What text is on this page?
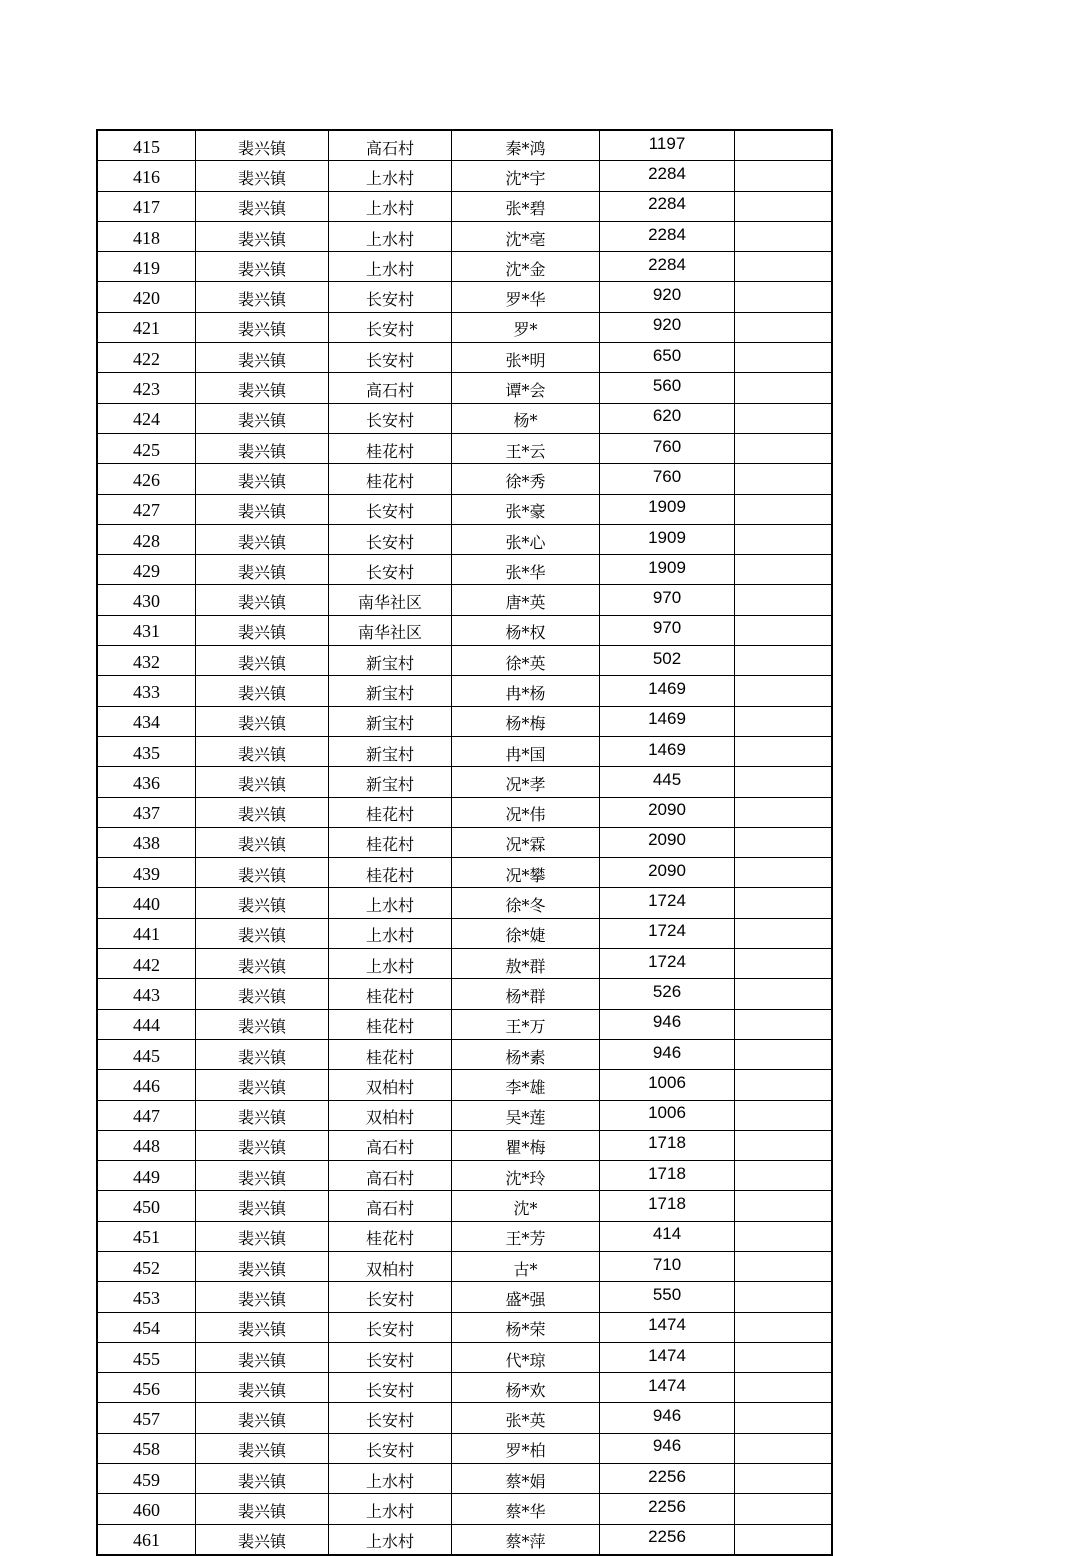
415	裴兴镇	高石村	秦*鸿	1197	
416	裴兴镇	上水村	沈*宇	2284	
417	裴兴镇	上水村	张*碧	2284	
418	裴兴镇	上水村	沈*亳	2284	
419	裴兴镇	上水村	沈*金	2284	
420	裴兴镇	长安村	罗*华	920	
421	裴兴镇	长安村	罗*	920	
422	裴兴镇	长安村	张*明	650	
423	裴兴镇	高石村	谭*会	560	
424	裴兴镇	长安村	杨*	620	
425	裴兴镇	桂花村	王*云	760	
426	裴兴镇	桂花村	徐*秀	760	
427	裴兴镇	长安村	张*豪	1909	
428	裴兴镇	长安村	张*心	1909	
429	裴兴镇	长安村	张*华	1909	
430	裴兴镇	南华社区	唐*英	970	
431	裴兴镇	南华社区	杨*权	970	
432	裴兴镇	新宝村	徐*英	502	
433	裴兴镇	新宝村	冉*杨	1469	
434	裴兴镇	新宝村	杨*梅	1469	
435	裴兴镇	新宝村	冉*国	1469	
436	裴兴镇	新宝村	况*孝	445	
437	裴兴镇	桂花村	况*伟	2090	
438	裴兴镇	桂花村	况*霖	2090	
439	裴兴镇	桂花村	况*攀	2090	
440	裴兴镇	上水村	徐*冬	1724	
441	裴兴镇	上水村	徐*婕	1724	
442	裴兴镇	上水村	敖*群	1724	
443	裴兴镇	桂花村	杨*群	526	
444	裴兴镇	桂花村	王*万	946	
445	裴兴镇	桂花村	杨*素	946	
446	裴兴镇	双柏村	李*雄	1006	
447	裴兴镇	双柏村	吴*莲	1006	
448	裴兴镇	高石村	瞿*梅	1718	
449	裴兴镇	高石村	沈*玲	1718	
450	裴兴镇	高石村	沈*	1718	
451	裴兴镇	桂花村	王*芳	414	
452	裴兴镇	双柏村	古*	710	
453	裴兴镇	长安村	盛*强	550	
454	裴兴镇	长安村	杨*荣	1474	
455	裴兴镇	长安村	代*琼	1474	
456	裴兴镇	长安村	杨*欢	1474	
457	裴兴镇	长安村	张*英	946	
458	裴兴镇	长安村	罗*柏	946	
459	裴兴镇	上水村	蔡*娟	2256	
460	裴兴镇	上水村	蔡*华	2256	
461	裴兴镇	上水村	蔡*萍	2256	
